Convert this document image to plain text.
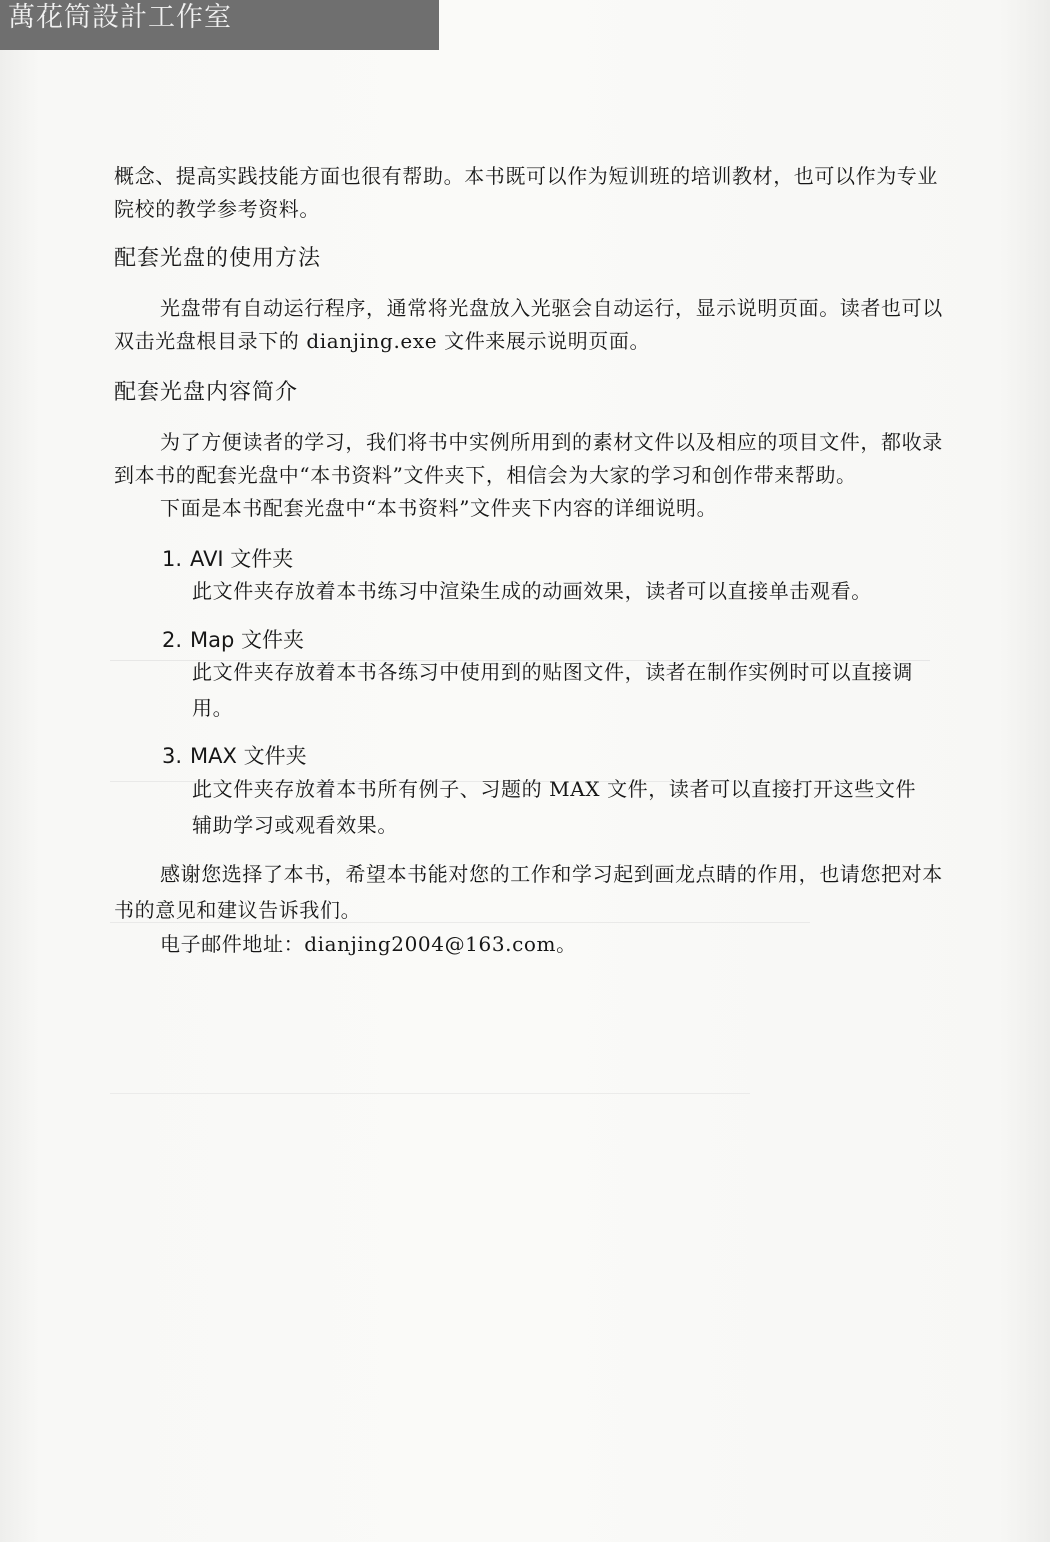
萬花筒設計工作室
概念、提高实践技能方面也很有帮助。本书既可以作为短训班的培训教材，也可以作为专业
院校的教学参考资料。
配套光盘的使用方法
光盘带有自动运行程序，通常将光盘放入光驱会自动运行，显示说明页面。读者也可以
双击光盘根目录下的 dianjing.exe 文件来展示说明页面。
配套光盘内容简介
为了方便读者的学习，我们将书中实例所用到的素材文件以及相应的项目文件，都收录
到本书的配套光盘中“本书资料”文件夹下，相信会为大家的学习和创作带来帮助。
下面是本书配套光盘中“本书资料”文件夹下内容的详细说明。
1. AVI 文件夹
此文件夹存放着本书练习中渲染生成的动画效果，读者可以直接单击观看。
2. Map 文件夹
此文件夹存放着本书各练习中使用到的贴图文件，读者在制作实例时可以直接调
用。
3. MAX 文件夹
此文件夹存放着本书所有例子、习题的 MAX 文件，读者可以直接打开这些文件
辅助学习或观看效果。
感谢您选择了本书，希望本书能对您的工作和学习起到画龙点睛的作用，也请您把对本
书的意见和建议告诉我们。
电子邮件地址：dianjing2004@163.com。
